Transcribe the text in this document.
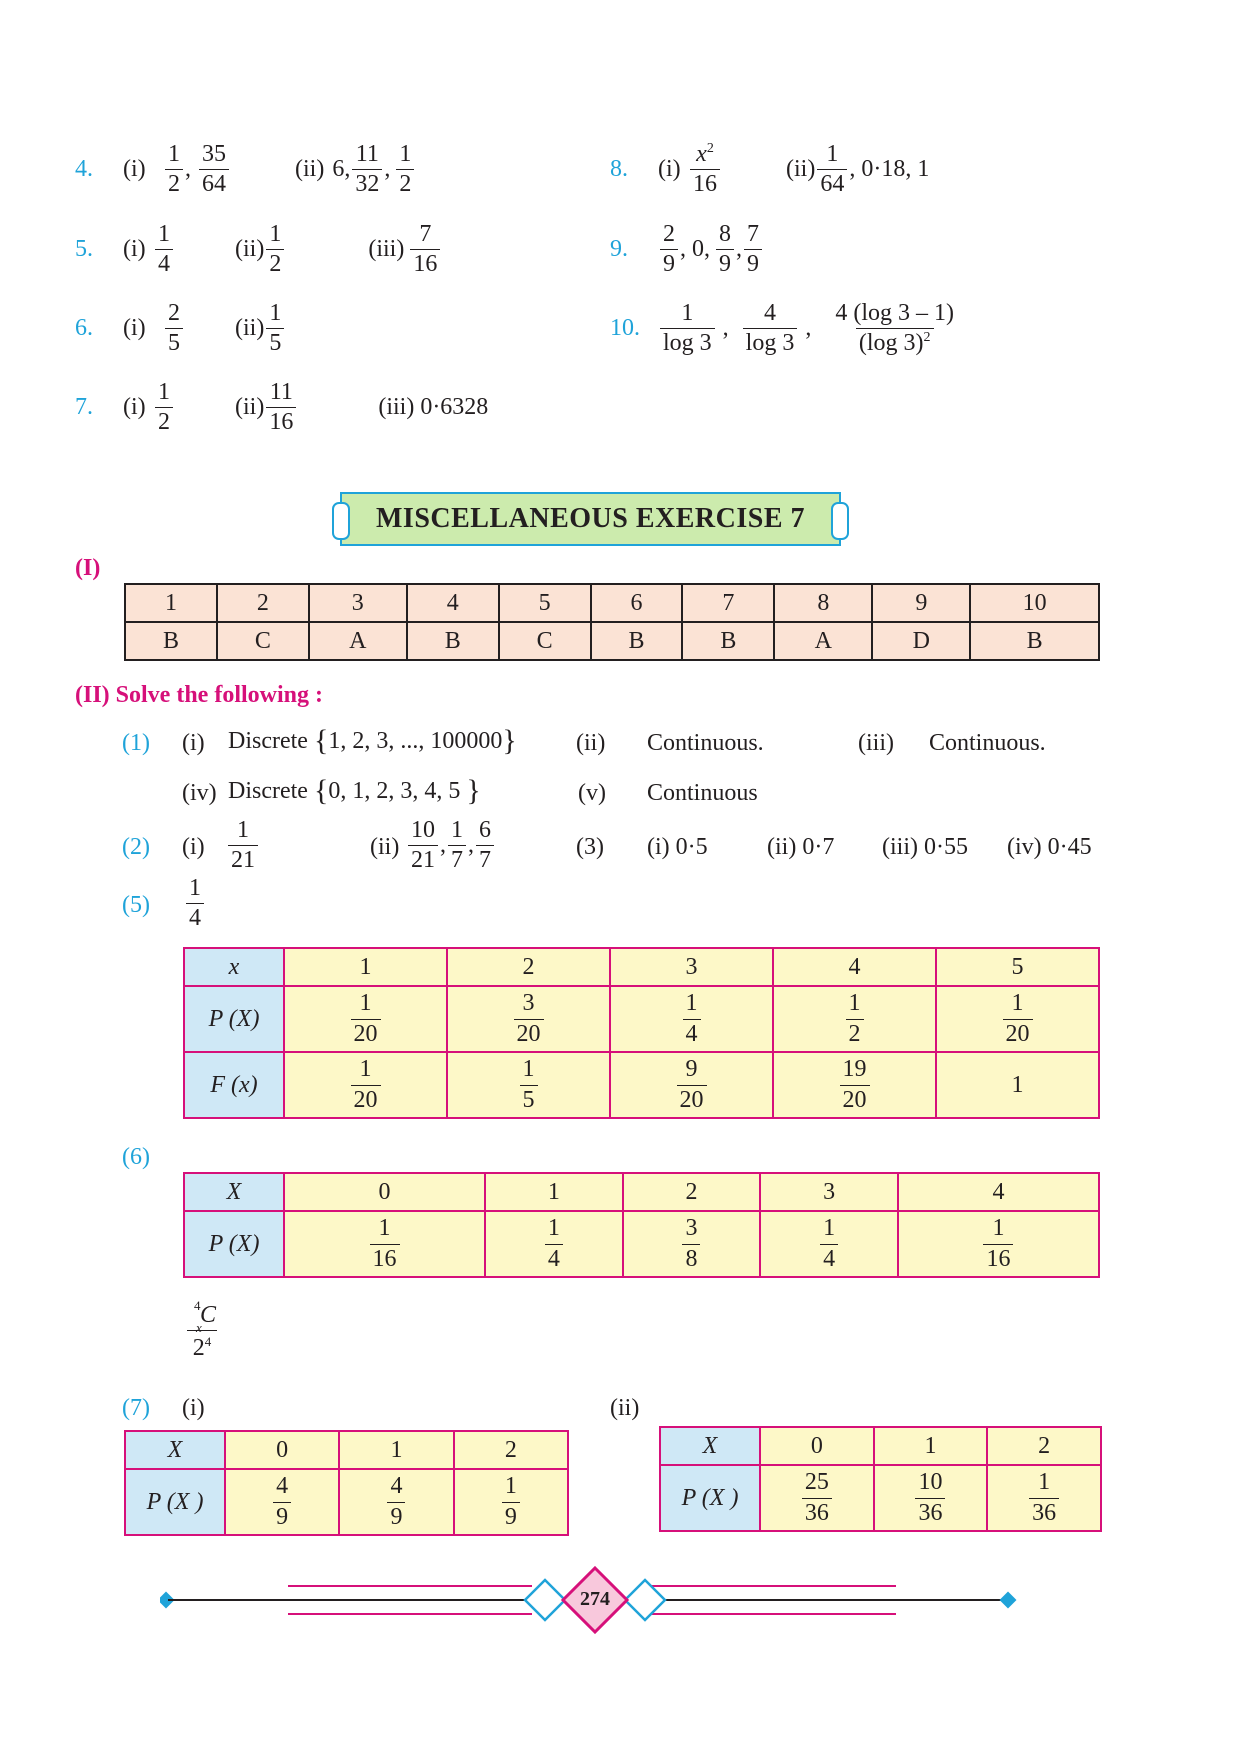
4.	(i)
1
2
,
35
64
(ii) 6,
11
32
,
1
2
5.	(i)
1
4
(ii)
1
2
(iii)
7
16
6.	(i)
2
5
(ii)
1
5
7.	(i)
1
2
(ii)
11
16
(iii) 0·6328
8.	(i)
$x^2$
16
(ii)
1
64
, 0·18, 1
9.
2
9
, 0,
8
9
,
7
9
10.
1
log 3
,
4
log 3
,
4 (log 3 – 1)
(log 3)$^2$
MISCELLANEOUS EXERCISE 7
(I)
1	2	3	4	5	6	7	8	9	10
B	C	A	B	C	B	B	A	D	B
(II) Solve the following :
(1) (i) Discrete {1, 2, 3, ..., 100000} (ii) Continuous.	(iii) Continuous.
(iv) Discrete {0, 1, 2, 3, 4, 5 }	(v) Continuous
(2) (i)
1
21
(ii)
10
21
,
1
7
,
6
7
(3) (i) 0·5 (ii) 0·7 (iii) 0·55 (iv) 0·45
(5)
1
4
x	1	2	3	4	5
P (X)	$\frac{1}{20}$	$\frac{3}{20}$	$\frac{1}{4}$	$\frac{1}{2}$	$\frac{1}{20}$

F (x)	$\frac{1}{20}$	$\frac{1}{5}$	$\frac{9}{20}$	$\frac{19}{20}$	1
(6)
X	0	1	2	3	4
P (X)	$\frac{1}{16}$	$\frac{1}{4}$	$\frac{3}{8}$	$\frac{1}{4}$	$\frac{1}{16}$
4
x
C
$2^4$
(7) (i)	(ii)
X	0	1	2
P (X )	$\frac{4}{9}$	$\frac{4}{9}$	$\frac{1}{9}$
X	0	1	2
P (X )	$\frac{25}{36}$	$\frac{10}{36}$	$\frac{1}{36}$
274
